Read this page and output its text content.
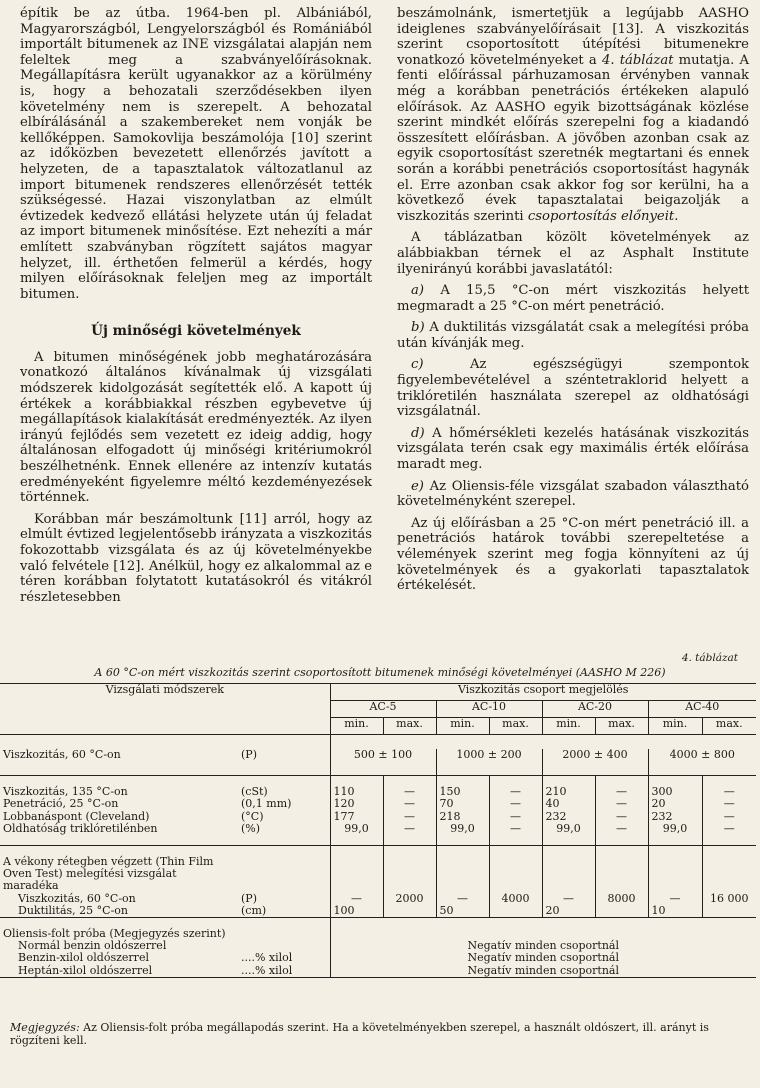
építik be az útba. 1964-ben pl. Albániából, Magyarországból, Lengyelországból és Romániából importált bitumenek az INE vizsgálatai alapján nem feleltek meg a szabványelőírásoknak. Megállapításra került ugyanakkor az a körülmény is, hogy a behozatali szerződésekben ilyen követelmény nem is szerepelt. A behozatal elbírálásánál a szakembereket nem vonják be kellőképpen. Samokovlija beszámolója [10] szerint az időközben bevezetett ellenőrzés javított a helyzeten, de a tapasztalatok változatlanul az import bitumenek rendszeres ellenőrzését tették szükségessé. Hazai viszonylatban az elmúlt évtizedek kedvező ellátási helyzete után új feladat az import bitumenek minősítése. Ezt nehezíti a már említett szabványban rögzített sajátos magyar helyzet, ill. érthetően felmerül a kérdés, hogy milyen előírásoknak feleljen meg az importált bitumen.

Új minőségi követelmények

A bitumen minőségének jobb meghatározására vonatkozó általános kívánalmak új vizsgálati módszerek kidolgozását segítették elő. A kapott új értékek a korábbiakkal részben egybevetve új megállapítások kialakítását eredményezték. Az ilyen irányú fejlődés sem vezetett ez ideig addig, hogy általánosan elfogadott új minőségi kritériumokról beszélhetnénk. Ennek ellenére az intenzív kutatás eredményeként figyelemre méltó kezdeményezések történnek.

Korábban már beszámoltunk [11] arról, hogy az elmúlt évtized legjelentősebb irányzata a viszkozitás fokozottabb vizsgálata és az új követelményekbe való felvétele [12]. Anélkül, hogy ez alkalommal az e téren korábban folytatott kutatásokról és vitákról részletesebben

beszámolnánk, ismertetjük a legújabb AASHO ideiglenes szabványelőírásait [13]. A viszkozitás szerint csoportosított útépítési bitumenekre vonatkozó követelményeket a 4. táblázat mutatja. A fenti előírással párhuzamosan érvényben vannak még a korábban penetrációs értékeken alapuló előírások. Az AASHO egyik bizottságának közlése szerint mindkét előírás szerepelni fog a kiadandó összesített előírásban. A jövőben azonban csak az egyik csoportosítást szeretnék megtartani és ennek során a korábbi penetrációs csoportosítást hagynák el. Erre azonban csak akkor fog sor kerülni, ha a következő évek tapasztalatai beigazolják a viszkozitás szerinti csoportosítás előnyeit.

A táblázatban közölt követelmények az alábbiakban térnek el az Asphalt Institute ilyenirányú korábbi javaslatától:

a) A 15,5 °C-on mért viszkozitás helyett megmaradt a 25 °C-on mért penetráció.

b) A duktilitás vizsgálatát csak a melegítési próba után kívánják meg.

c) Az egészségügyi szempontok figyelembevételével a széntetraklorid helyett a triklóretilén használata szerepel az oldhatósági vizsgálatnál.

d) A hőmérsékleti kezelés hatásának viszkozitás vizsgálata terén csak egy maximális érték előírása maradt meg.

e) Az Oliensis-féle vizsgálat szabadon választható követelményként szerepel.

Az új előírásban a 25 °C-on mért penetráció ill. a penetrációs határok további szerepeltetése a vélemények szerint meg fogja könnyíteni az új követelmények és a gyakorlati tapasztalatok értékelését.

4. táblázat
A 60 °C-on mért viszkozitás szerint csoportosított bitumenek minőségi követelményei (AASHO M 226)
Vizsgálati módszerek		Viszkozitás csoport megjelölés							
		AC-5		AC-10		AC-20		AC-40	
		min.	max.	min.	max.	min.	max.	min.	max.

Viszkozitás, 60 °C-on	(P)	500 ± 100		1000 ± 200		2000 ± 400		4000 ± 800	

Viszkozitás, 135 °C-on	(cSt)	110	—	150	—	210	—	300	—
Penetráció, 25 °C-on	(0,1 mm)	120	—	70	—	40	—	20	—
Lobbanáspont (Cleveland)	(°C)	177	—	218	—	232	—	232	—
Oldhatóság triklóretilénben	(%)	99,0	—	99,0	—	99,0	—	99,0	—

A vékony rétegben végzett (Thin Film Oven Test) melegítési vizsgálat maradéka									
Viszkozitás, 60 °C-on	(P)	—	2000	—	4000	—	8000	—	16 000
Duktilitás, 25 °C-on	(cm)	100		50		20		10	

Oliensis-folt próba (Megjegyzés szerint)									
Normál benzin oldószerrel		Negatív minden csoportnál							
Benzin-xilol oldószerrel	....% xilol	Negatív minden csoportnál							
Heptán-xilol oldószerrel	....% xilol	Negatív minden csoportnál							

Megjegyzés: Az Oliensis-folt próba megállapodás szerint. Ha a követelményekben szerepel, a használt oldószert, ill. arányt is rögzíteni kell.
